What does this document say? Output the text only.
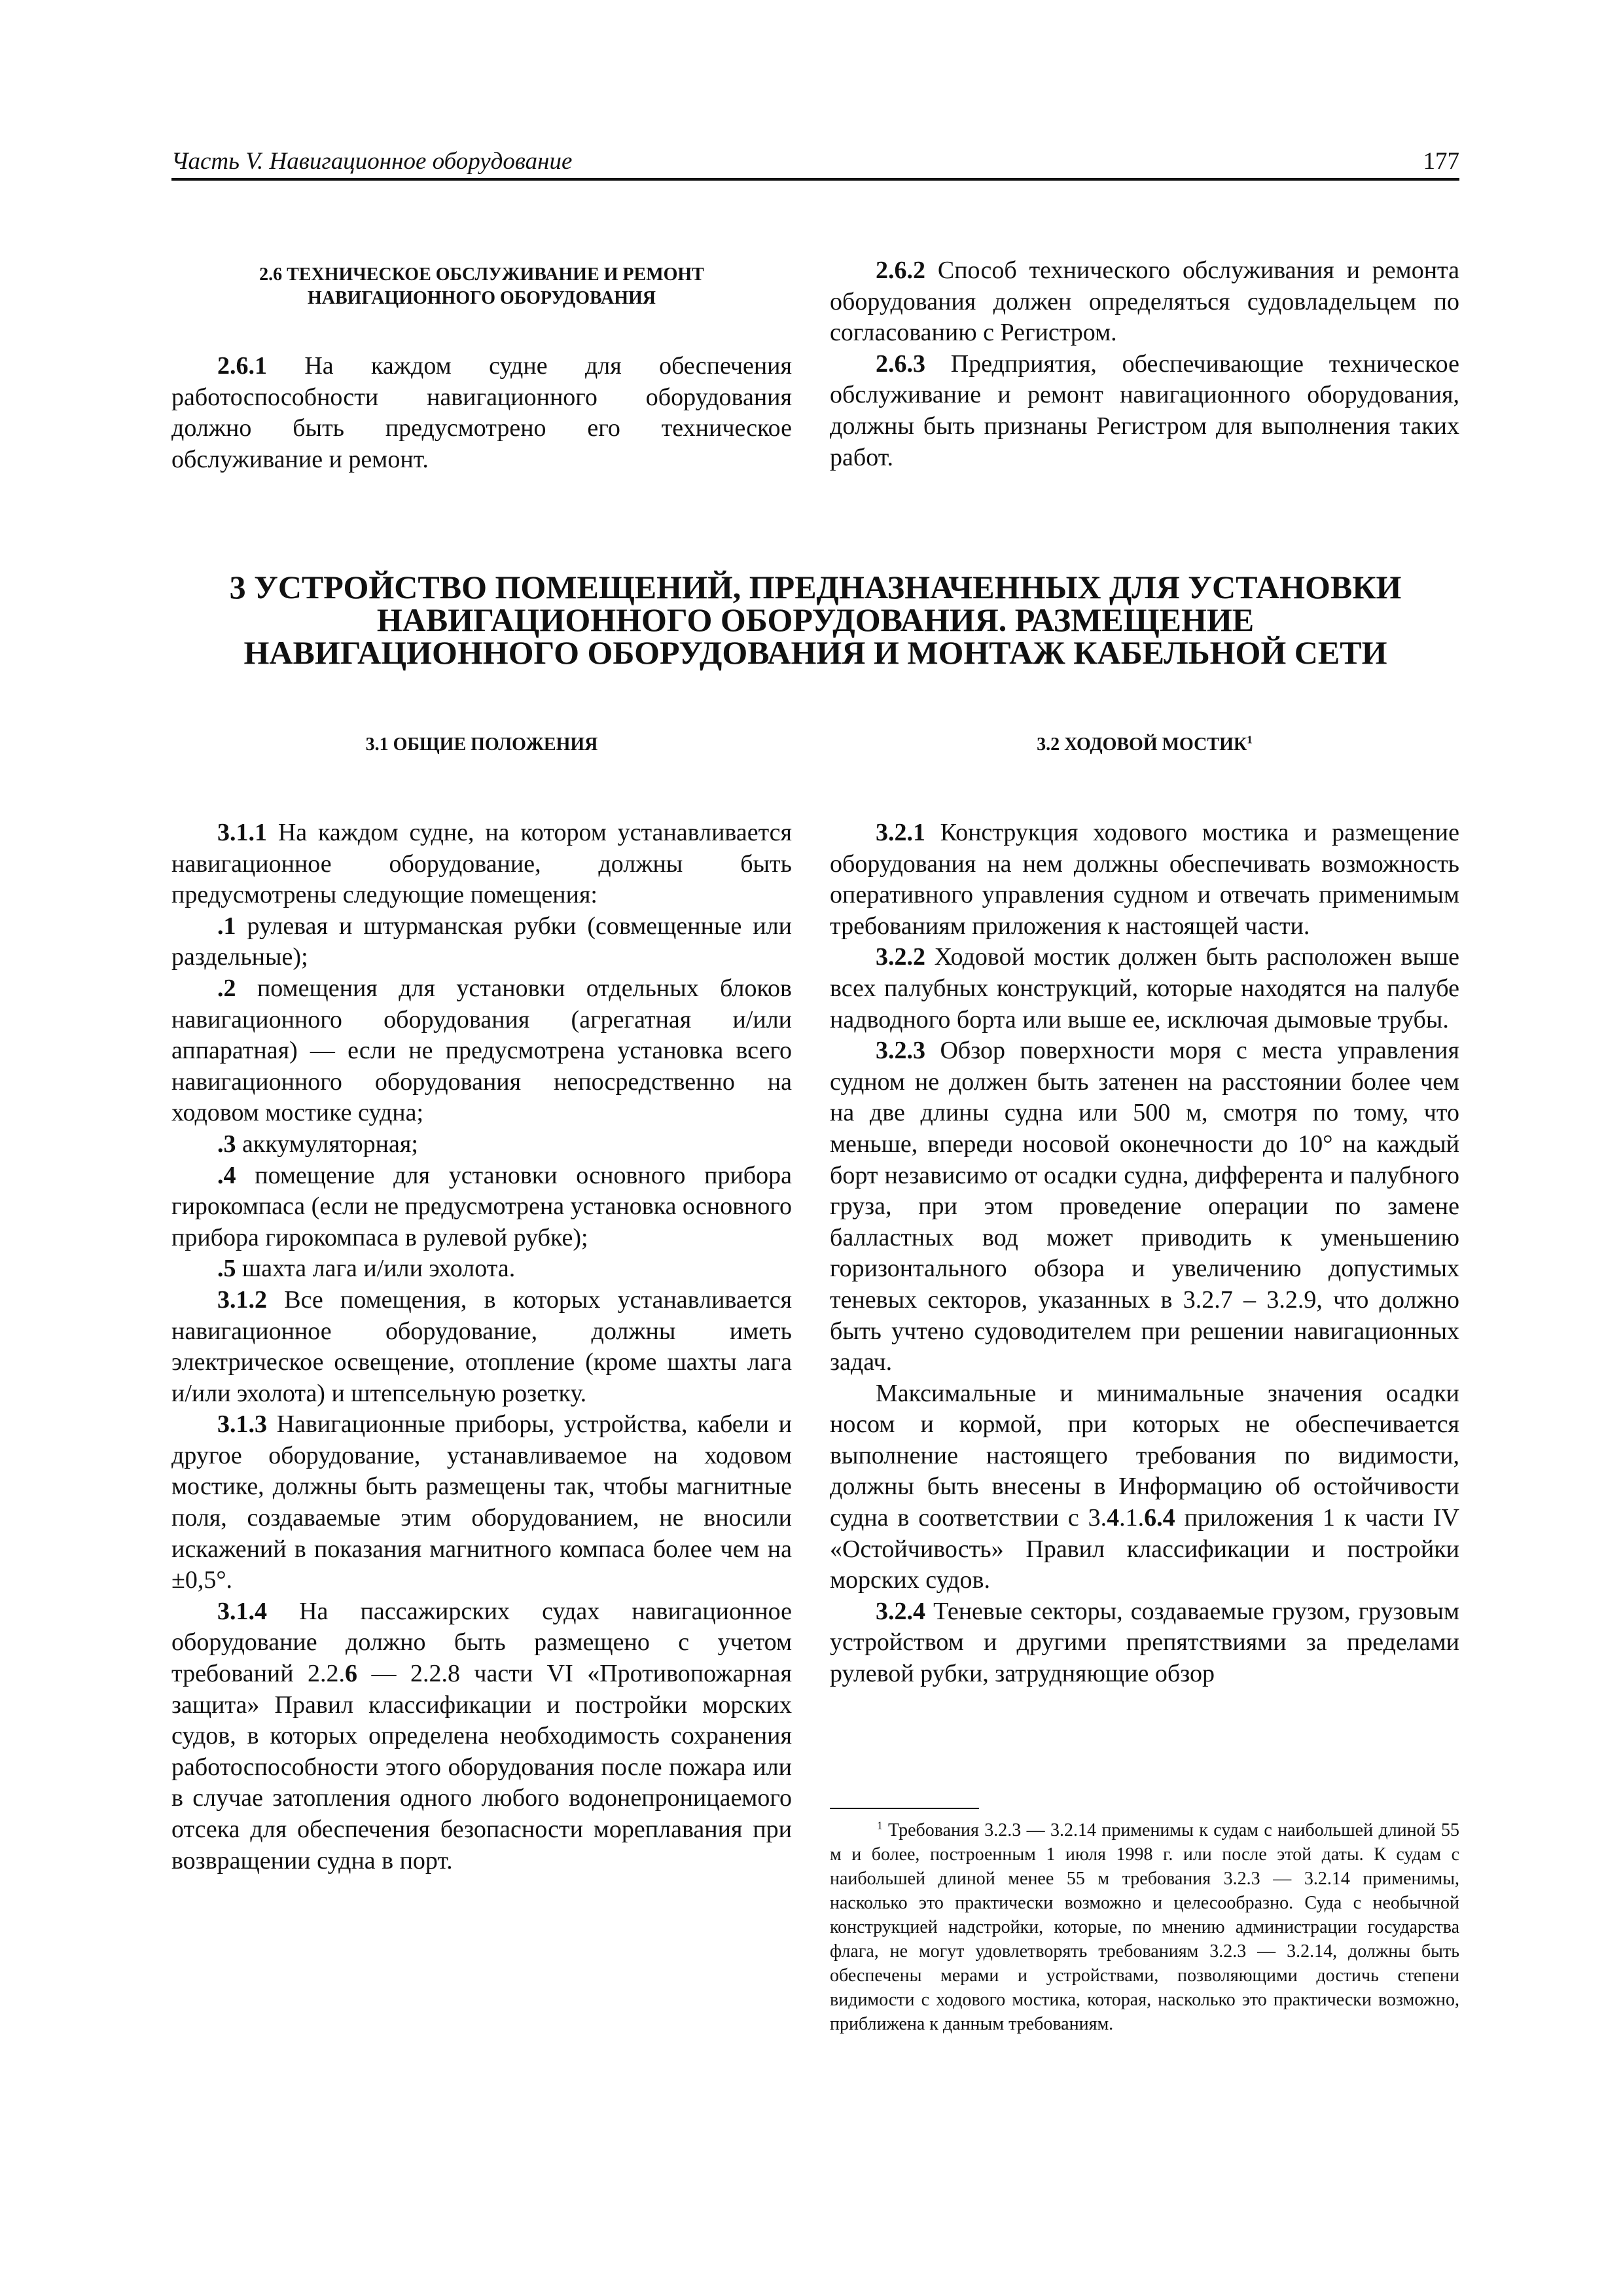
Часть V. Навигационное оборудование	177
2.6 ТЕХНИЧЕСКОЕ ОБСЛУЖИВАНИЕ И РЕМОНТ
НАВИГАЦИОННОГО ОБОРУДОВАНИЯ

2.6.1 На каждом судне для обеспечения работоспособности навигационного оборудования должно быть предусмотрено его техническое обслуживание и ремонт.

2.6.2 Способ технического обслуживания и ремонта оборудования должен определяться судовладельцем по согласованию с Регистром.

2.6.3 Предприятия, обеспечивающие техническое обслуживание и ремонт навигационного оборудования, должны быть признаны Регистром для выполнения таких работ.

3 УСТРОЙСТВО ПОМЕЩЕНИЙ, ПРЕДНАЗНАЧЕННЫХ ДЛЯ УСТАНОВКИ
НАВИГАЦИОННОГО ОБОРУДОВАНИЯ. РАЗМЕЩЕНИЕ
НАВИГАЦИОННОГО ОБОРУДОВАНИЯ И МОНТАЖ КАБЕЛЬНОЙ СЕТИ
3.1 ОБЩИЕ ПОЛОЖЕНИЯ	3.2 ХОДОВОЙ МОСТИК$^1$

3.1.1 На каждом судне, на котором устанавливается навигационное оборудование, должны быть предусмотрены следующие помещения:

.1 рулевая и штурманская рубки (совмещенные или раздельные);

.2 помещения для установки отдельных блоков навигационного оборудования (агрегатная и/или аппаратная) — если не предусмотрена установка всего навигационного оборудования непосредственно на ходовом мостике судна;

.3 аккумуляторная;

.4 помещение для установки основного прибора гирокомпаса (если не предусмотрена установка основного прибора гирокомпаса в рулевой рубке);

.5 шахта лага и/или эхолота.

3.1.2 Все помещения, в которых устанавливается навигационное оборудование, должны иметь электрическое освещение, отопление (кроме шахты лага и/или эхолота) и штепсельную розетку.

3.1.3 Навигационные приборы, устройства, кабели и другое оборудование, устанавливаемое на ходовом мостике, должны быть размещены так, чтобы магнитные поля, создаваемые этим оборудованием, не вносили искажений в показания магнитного компаса более чем на ±0,5°.

3.1.4 На пассажирских судах навигационное оборудование должно быть размещено с учетом требований 2.2.6 — 2.2.8 части VI «Противопожарная защита» Правил классификации и постройки морских судов, в которых определена необходимость сохранения работоспособности этого оборудования после пожара или в случае затопления одного любого водонепроницаемого отсека для обеспечения безопасности мореплавания при возвращении судна в порт.

3.2.1 Конструкция ходового мостика и размещение оборудования на нем должны обеспечивать возможность оперативного управления судном и отвечать применимым требованиям приложения к настоящей части.

3.2.2 Ходовой мостик должен быть расположен выше всех палубных конструкций, которые находятся на палубе надводного борта или выше ее, исключая дымовые трубы.

3.2.3 Обзор поверхности моря с места управления судном не должен быть затенен на расстоянии более чем на две длины судна или 500 м, смотря по тому, что меньше, впереди носовой оконечности до 10° на каждый борт независимо от осадки судна, дифферента и палубного груза, при этом проведение операции по замене балластных вод может приводить к уменьшению горизонтального обзора и увеличению допустимых теневых секторов, указанных в 3.2.7 – 3.2.9, что должно быть учтено судоводителем при решении навигационных задач.

Максимальные и минимальные значения осадки носом и кормой, при которых не обеспечивается выполнение настоящего требования по видимости, должны быть внесены в Информацию об остойчивости судна в соответствии с 3.4.1.6.4 приложения 1 к части IV «Остойчивость» Правил классификации и постройки морских судов.

3.2.4 Теневые секторы, создаваемые грузом, грузовым устройством и другими препятствиями за пределами рулевой рубки, затрудняющие обзор

$^1$ Требования 3.2.3 — 3.2.14 применимы к судам с наибольшей длиной 55 м и более, построенным 1 июля 1998 г. или после этой даты. К судам с наибольшей длиной менее 55 м требования 3.2.3 — 3.2.14 применимы, насколько это практически возможно и целесообразно. Суда с необычной конструкцией надстройки, которые, по мнению администрации государства флага, не могут удовлетворять требованиям 3.2.3 — 3.2.14, должны быть обеспечены мерами и устройствами, позволяющими достичь степени видимости с ходового мостика, которая, насколько это практически возможно, приближена к данным требованиям.
